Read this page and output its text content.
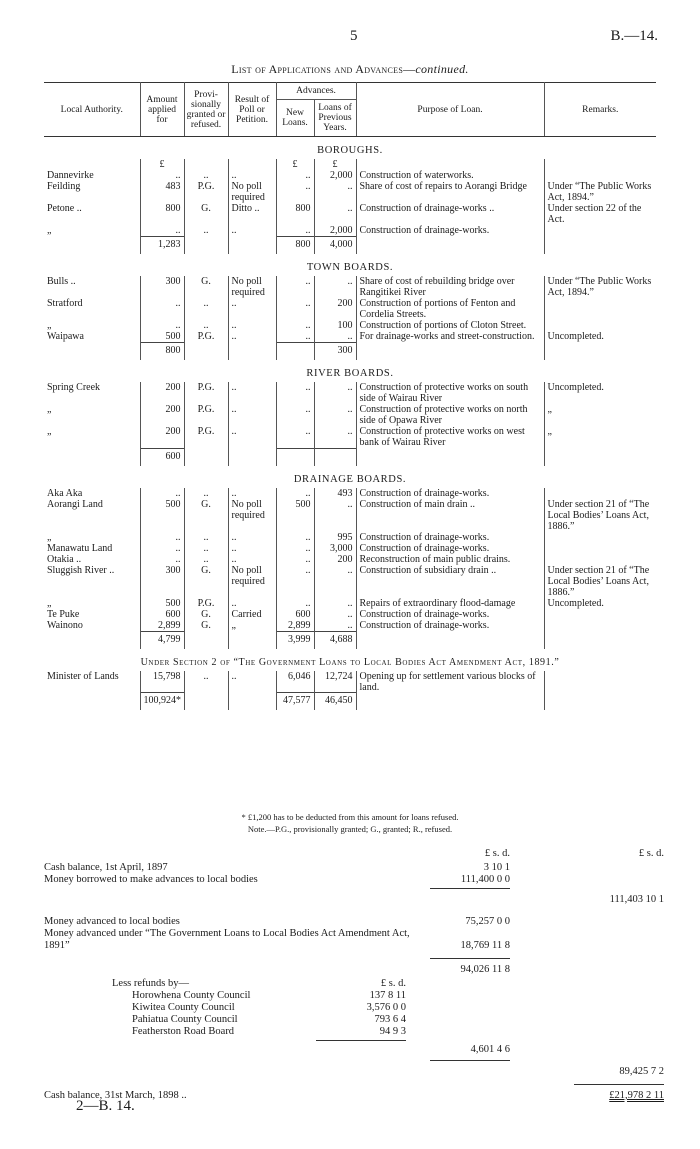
5	B.—14.
List of Applications and Advances—continued.
Local Authority.	Amount applied for	Provi-sionally granted or refused.	Result of Poll or Petition.	Advances.		Purpose of Loan.	Remarks.
				New Loans.	Loans of Previous Years.		
BOROUGHS.							
	£			£	£		
Dannevirke	..	..	..	..	2,000	Construction of waterworks.	
Feilding	483	P.G.	No poll required	..	..	Share of cost of repairs to Aorangi Bridge	Under “The Public Works Act, 1894.”
Petone ..	800	G.	Ditto ..	800	..	Construction of drainage-works ..	Under section 22 of the Act.
„	..	..	..	..	2,000	Construction of drainage-works.	
	1,283			800	4,000		
TOWN BOARDS.							
Bulls ..	300	G.	No poll required	..	..	Share of cost of rebuilding bridge over Rangitikei River	Under “The Public Works Act, 1894.”
Stratford	..	..	..	..	200	Construction of portions of Fenton and Cordelia Streets.	
„	..	..	..	..	100	Construction of portions of Cloton Street.	
Waipawa	500	P.G.	..	..	..	For drainage-works and street-construction.	Uncompleted.
	800				300		
RIVER BOARDS.							
Spring Creek	200	P.G.	..	..	..	Construction of protective works on south side of Wairau River	Uncompleted.
„	200	P.G.	..	..	..	Construction of protective works on north side of Opawa River	„
„	200	P.G.	..	..	..	Construction of protective works on west bank of Wairau River	„
	600						
DRAINAGE BOARDS.							
Aka Aka	..	..	..	..	493	Construction of drainage-works.	
Aorangi Land	500	G.	No poll required	500	..	Construction of main drain ..	Under section 21 of “The Local Bodies’ Loans Act, 1886.”
„	..	..	..	..	995	Construction of drainage-works.	
Manawatu Land	..	..	..	..	3,000	Construction of drainage-works.	
Otakia ..	..	..	..	..	200	Reconstruction of main public drains.	
Sluggish River ..	300	G.	No poll required	..	..	Construction of subsidiary drain ..	Under section 21 of “The Local Bodies’ Loans Act, 1886.”
„	500	P.G.	..	..	..	Repairs of extraordinary flood-damage	Uncompleted.
Te Puke	600	G.	Carried	600	..	Construction of drainage-works.	
Wainono	2,899	G.	„	2,899	..	Construction of drainage-works.	
	4,799			3,999	4,688		
Under Section 2 of “The Government Loans to Local Bodies Act Amendment Act, 1891.”							
Minister of Lands	15,798	..	..	6,046	12,724	Opening up for settlement various blocks of land.	
	100,924*			47,577	46,450		
* £1,200 has to be deducted from this amount for loans refused.
Note.—P.G., provisionally granted; G., granted; R., refused.
£ s. d.	£ s. d.
Cash balance, 1st April, 1897	3 10 1
Money borrowed to make advances to local bodies	111,400 0 0
111,403 10 1
Money advanced to local bodies	75,257 0 0
Money advanced under “The Government Loans to Local Bodies Act Amendment Act,
1891”	18,769 11 8
94,026 11 8
Less refunds by—	£ s. d.
Horowhena County Council	137 8 11
Kiwitea County Council	3,576 0 0
Pahiatua County Council	793 6 4
Featherston Road Board	94 9 3
4,601 4 6
89,425 7 2
Cash balance, 31st March, 1898 ..	£21,978 2 11
2—B. 14.
